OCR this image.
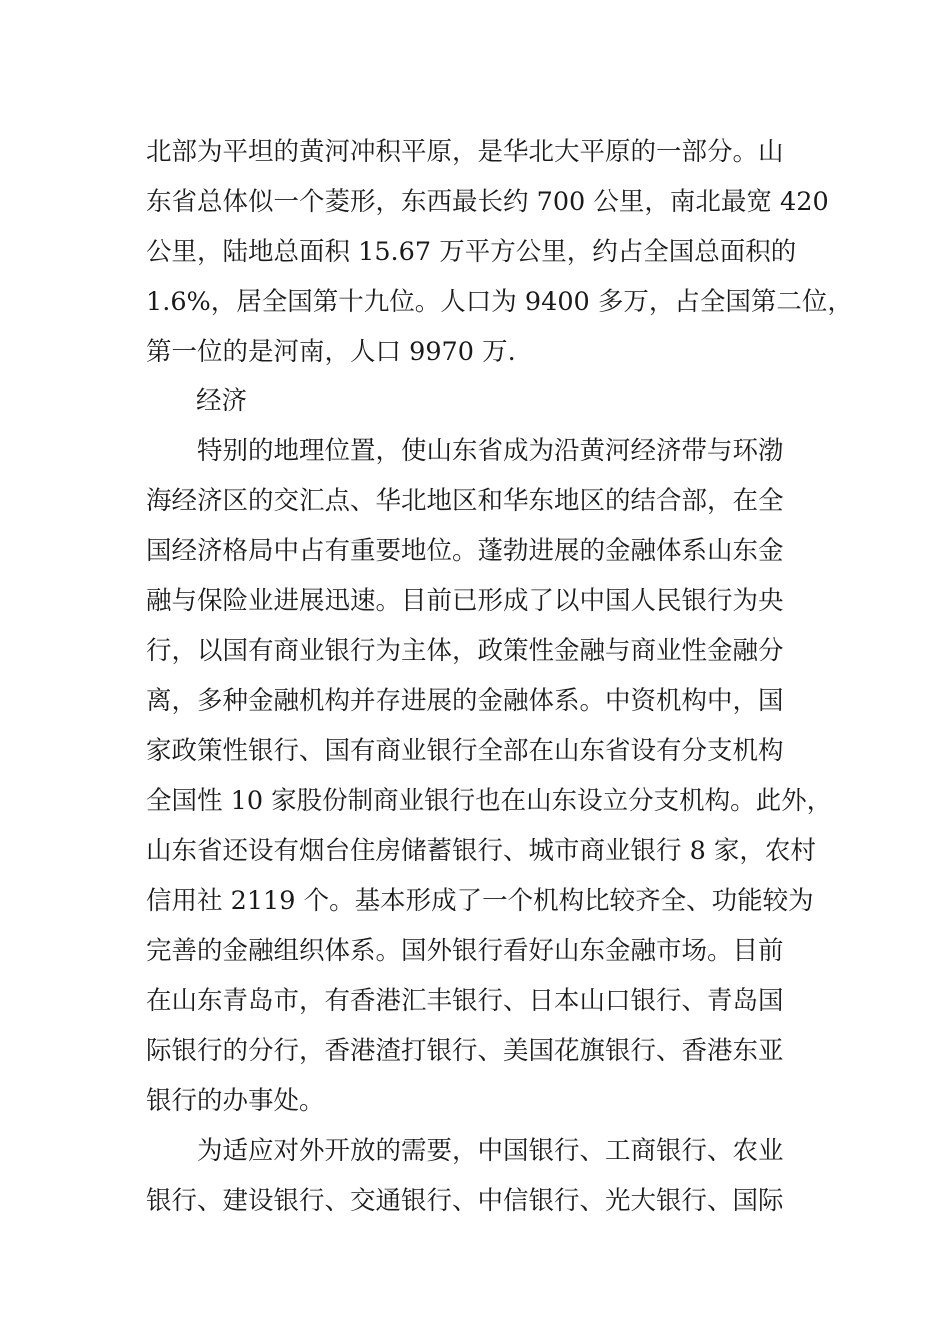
北部为平坦的黄河冲积平原，是华北大平原的一部分。山

东省总体似一个菱形，东西最长约 700 公里，南北最宽 420

公里，陆地总面积 15.67 万平方公里，约占全国总面积的

1.6%，居全国第十九位。人口为 9400 多万，占全国第二位，

第一位的是河南，人口 9970 万.

经济

特别的地理位置，使山东省成为沿黄河经济带与环渤

海经济区的交汇点、华北地区和华东地区的结合部，在全

国经济格局中占有重要地位。蓬勃进展的金融体系山东金

融与保险业进展迅速。目前已形成了以中国人民银行为央

行，以国有商业银行为主体，政策性金融与商业性金融分

离，多种金融机构并存进展的金融体系。中资机构中，国

家政策性银行、国有商业银行全部在山东省设有分支机构

全国性 10 家股份制商业银行也在山东设立分支机构。此外，

山东省还设有烟台住房储蓄银行、城市商业银行 8 家，农村

信用社 2119 个。基本形成了一个机构比较齐全、功能较为

完善的金融组织体系。国外银行看好山东金融市场。目前

在山东青岛市，有香港汇丰银行、日本山口银行、青岛国

际银行的分行，香港渣打银行、美国花旗银行、香港东亚

银行的办事处。

为适应对外开放的需要，中国银行、工商银行、农业

银行、建设银行、交通银行、中信银行、光大银行、国际
